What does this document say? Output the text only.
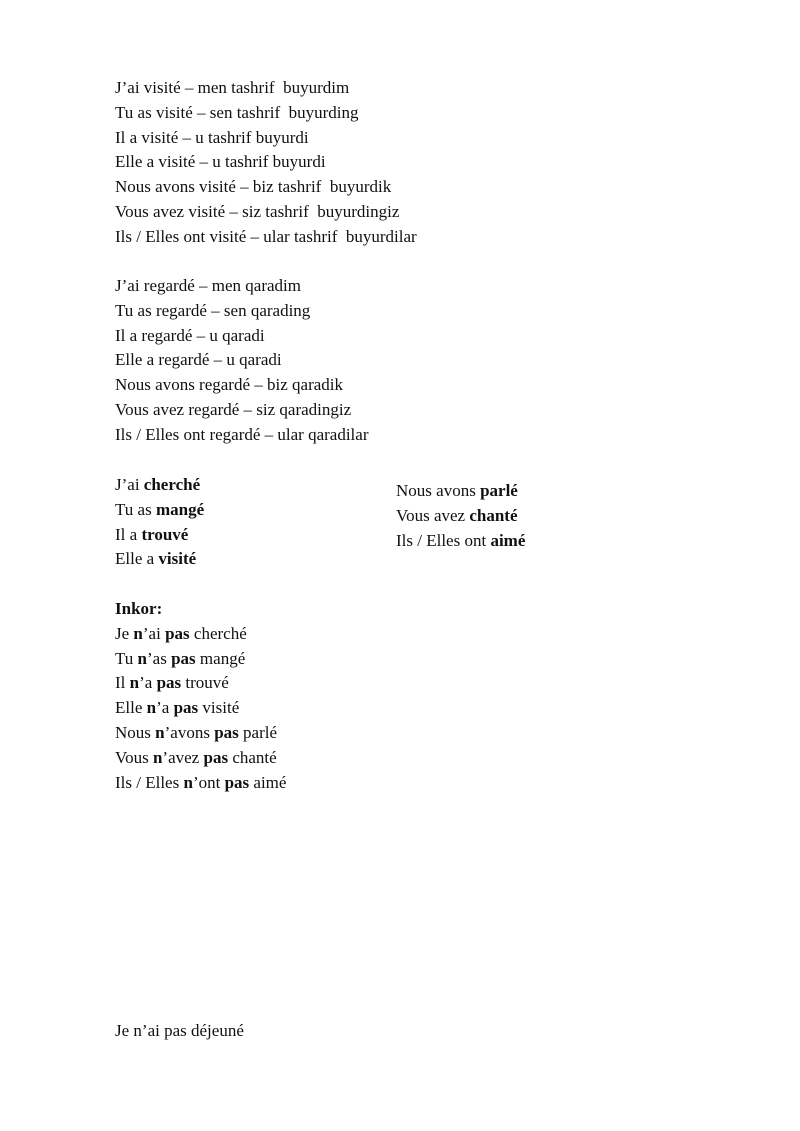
J’ai visité – men tashrif  buyurdim
Tu as visité – sen tashrif  buyurding
Il a visité – u tashrif buyurdi
Elle a visité – u tashrif buyurdi
Nous avons visité – biz tashrif  buyurdik
Vous avez visité – siz tashrif  buyurdingiz
Ils / Elles ont visité – ular tashrif  buyurdilar
J’ai regardé – men qaradim
Tu as regardé – sen qarading
Il a regardé – u qaradi
Elle a regardé – u qaradi
Nous avons regardé – biz qaradik
Vous avez regardé – siz qaradingiz
Ils / Elles ont regardé – ular qaradilar
J’ai cherché
Tu as mangé
Il a trouvé
Elle a visité
Nous avons parlé
Vous avez chanté
Ils / Elles ont aimé
Inkor:
Je n’ai pas cherché
Tu n’as pas mangé
Il n’a pas trouvé
Elle n’a pas visité
Nous n’avons pas parlé
Vous n’avez pas chanté
Ils / Elles n’ont pas aimé
Je n’ai pas déjeuné
